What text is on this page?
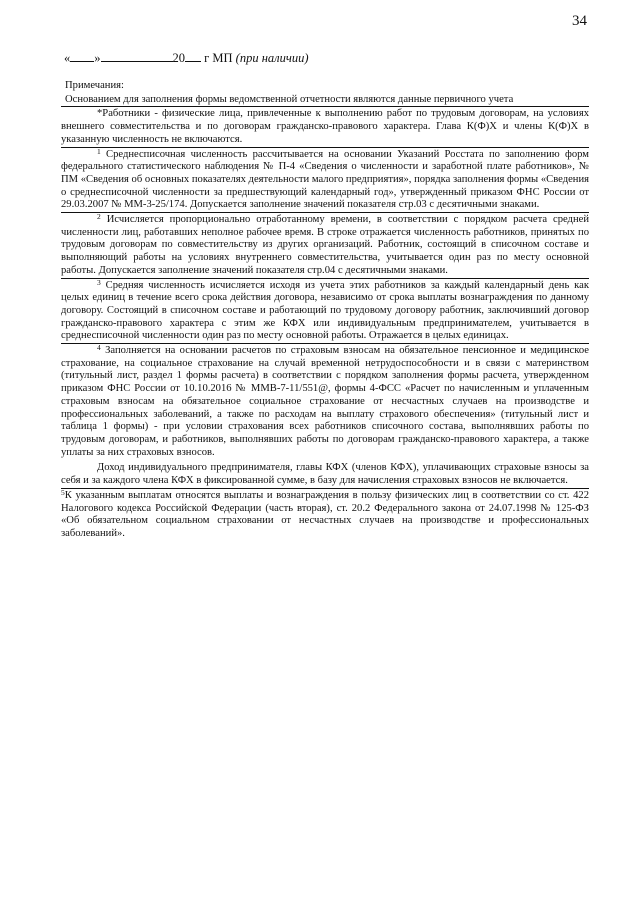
34
« »	20 г МП (при наличии)
Примечания:

Основанием для заполнения формы ведомственной отчетности являются данные первичного учета

*Работники - физические лица, привлеченные к выполнению работ по трудовым договорам, на условиях внешнего совместительства и по договорам гражданско-правового характера. Глава К(Ф)Х и члены К(Ф)Х в указанную численность не включаются.

$^1$ Среднесписочная численность рассчитывается на основании Указаний Росстата по заполнению форм федерального статистического наблюдения № П-4 «Сведения о численности и заработной плате работников», № ПМ «Сведения об основных показателях деятельности малого предприятия», порядка заполнения формы «Сведения о среднесписочной численности за предшествующий календарный год», утвержденный приказом ФНС России от 29.03.2007 № ММ-3-25/174. Допускается заполнение значений показателя стр.03 с десятичными знаками.

$^2$ Исчисляется пропорционально отработанному времени, в соответствии с порядком расчета средней численности лиц, работавших неполное рабочее время. В строке отражается численность работников, принятых по трудовым договорам по совместительству из других организаций. Работник, состоящий в списочном составе и выполняющий работы на условиях внутреннего совместительства, учитывается один раз по месту основной работы. Допускается заполнение значений показателя стр.04 с десятичными знаками.

$^3$ Средняя численность исчисляется исходя из учета этих работников за каждый календарный день как целых единиц в течение всего срока действия договора, независимо от срока выплаты вознаграждения по данному договору. Состоящий в списочном составе и работающий по трудовому договору работник, заключивший договор гражданско-правового характера с этим же КФХ или индивидуальным предпринимателем, учитывается в среднесписочной численности один раз по месту основной работы. Отражается в целых единицах.

$^4$ Заполняется на основании расчетов по страховым взносам на обязательное пенсионное и медицинское страхование, на социальное страхование на случай временной нетрудоспособности и в связи с материнством (титульный лист, раздел 1 формы расчета) в соответствии с порядком заполнения формы расчета, утвержденном приказом ФНС России от 10.10.2016 № ММВ-7-11/551@, формы 4-ФСС «Расчет по начисленным и уплаченным страховым взносам на обязательное социальное страхование от несчастных случаев на производстве и профессиональных заболеваний, а также по расходам на выплату страхового обеспечения» (титульный лист и таблица 1 формы) - при условии страхования всех работников списочного состава, выполнявших работы по трудовым договорам, и работников, выполнявших работы по договорам гражданско-правового характера, а также уплаты за них страховых взносов.

Доход индивидуального предпринимателя, главы КФХ (членов КФХ), уплачивающих страховые взносы за себя и за каждого члена КФХ в фиксированной сумме, в базу для начисления страховых взносов не включается.

$^5$К указанным выплатам относятся выплаты и вознаграждения в пользу физических лиц в соответствии со ст. 422 Налогового кодекса Российской Федерации (часть вторая), ст. 20.2 Федерального закона от 24.07.1998 № 125-ФЗ «Об обязательном социальном страховании от несчастных случаев на производстве и профессиональных заболеваний».
